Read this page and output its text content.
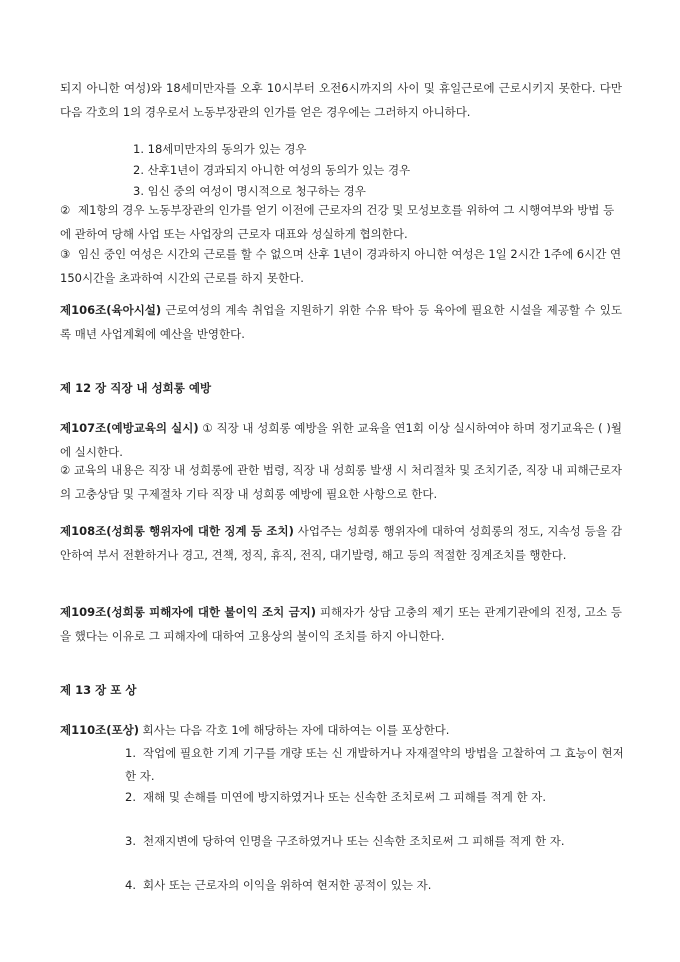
되지 아니한 여성)와 18세미만자를 오후 10시부터 오전6시까지의 사이 및 휴일근로에 근로시키지 못한다. 다만 다음 각호의 1의 경우로서 노동부장관의 인가를 얻은 경우에는 그러하지 아니하다.

1. 18세미만자의 동의가 있는 경우

2. 산후1년이 경과되지 아니한 여성의 동의가 있는 경우

3. 임신 중의 여성이 명시적으로 청구하는 경우

② 제1항의 경우 노동부장관의 인가를 얻기 이전에 근로자의 건강 및 모성보호를 위하여 그 시행여부와 방법 등에 관하여 당해 사업 또는 사업장의 근로자 대표와 성실하게 협의한다.

③ 임신 중인 여성은 시간외 근로를 할 수 없으며 산후 1년이 경과하지 아니한 여성은 1일 2시간 1주에 6시간 연150시간을 초과하여 시간외 근로를 하지 못한다.

제106조(육아시설) 근로여성의 계속 취업을 지원하기 위한 수유 탁아 등 육아에 필요한 시설을 제공할 수 있도록 매년 사업계획에 예산을 반영한다.

제 12 장 직장 내 성희롱 예방

제107조(예방교육의 실시) ① 직장 내 성희롱 예방을 위한 교육을 연1회 이상 실시하여야 하며 정기교육은 ( )월에 실시한다.

② 교육의 내용은 직장 내 성희롱에 관한 법령, 직장 내 성희롱 발생 시 처리절차 및 조치기준, 직장 내 피해근로자의 고충상담 및 구제절차 기타 직장 내 성희롱 예방에 필요한 사항으로 한다.

제108조(성희롱 행위자에 대한 징계 등 조치) 사업주는 성희롱 행위자에 대하여 성희롱의 정도, 지속성 등을 감안하여 부서 전환하거나 경고, 견책, 정직, 휴직, 전직, 대기발령, 해고 등의 적절한 징계조치를 행한다.

제109조(성희롱 피해자에 대한 불이익 조치 금지) 피해자가 상담 고충의 제기 또는 관계기관에의 진정, 고소 등을 했다는 이유로 그 피해자에 대하여 고용상의 불이익 조치를 하지 아니한다.

제 13 장 포 상

제110조(포상) 회사는 다음 각호 1에 해당하는 자에 대하여는 이를 포상한다.

1. 작업에 필요한 기계 기구를 개량 또는 신 개발하거나 자재절약의 방법을 고찰하여 그 효능이 현저한 자.

2. 재해 및 손해를 미연에 방지하였거나 또는 신속한 조치로써 그 피해를 적게 한 자.

3. 천재지변에 당하여 인명을 구조하였거나 또는 신속한 조치로써 그 피해를 적게 한 자.

4. 회사 또는 근로자의 이익을 위하여 현저한 공적이 있는 자.
